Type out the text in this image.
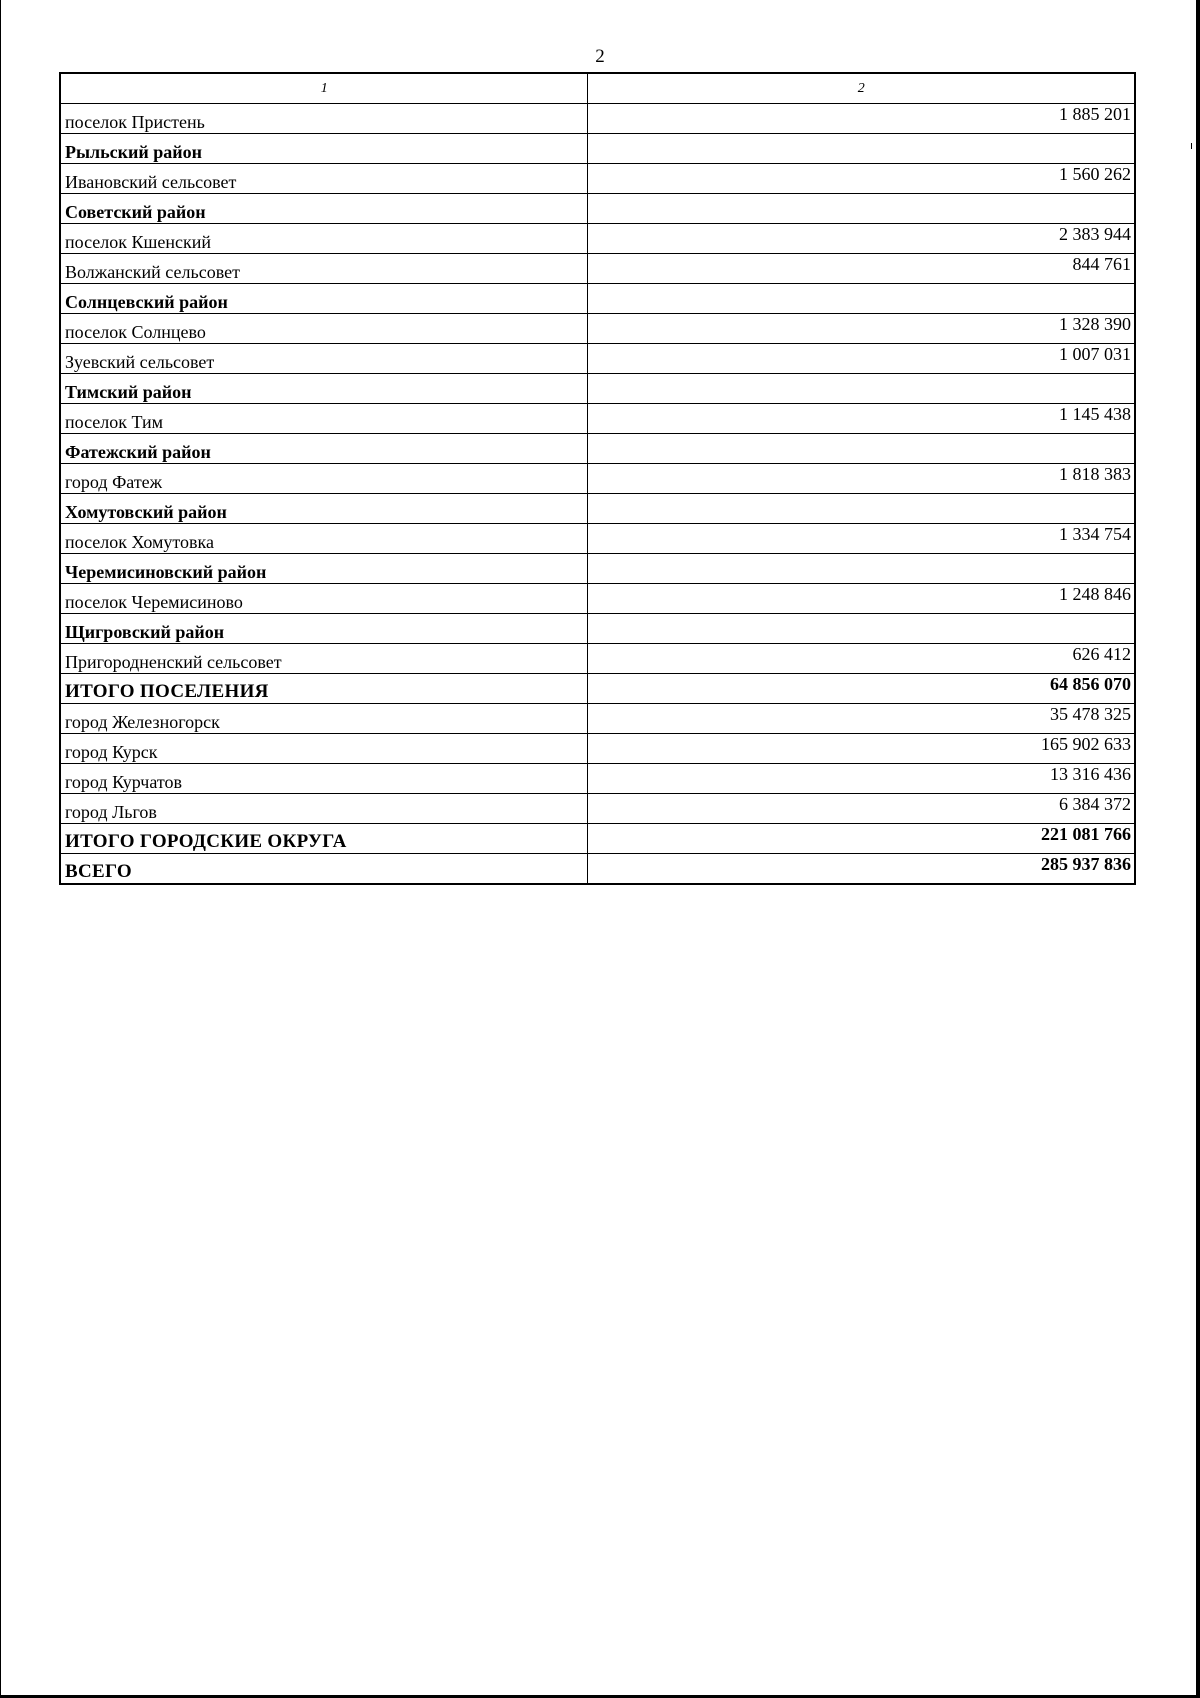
2
1	2
поселок Пристень	1 885 201
Рыльский район	
Ивановский сельсовет	1 560 262
Советский район	
поселок Кшенский	2 383 944
Волжанский сельсовет	844 761
Солнцевский район	
поселок Солнцево	1 328 390
Зуевский сельсовет	1 007 031
Тимский район	
поселок Тим	1 145 438
Фатежский район	
город Фатеж	1 818 383
Хомутовский район	
поселок Хомутовка	1 334 754
Черемисиновский район	
поселок Черемисиново	1 248 846
Щигровский район	
Пригородненский сельсовет	626 412
ИТОГО ПОСЕЛЕНИЯ	64 856 070
город Железногорск	35 478 325
город Курск	165 902 633
город Курчатов	13 316 436
город Льгов	6 384 372
ИТОГО ГОРОДСКИЕ ОКРУГА	221 081 766
ВСЕГО	285 937 836
